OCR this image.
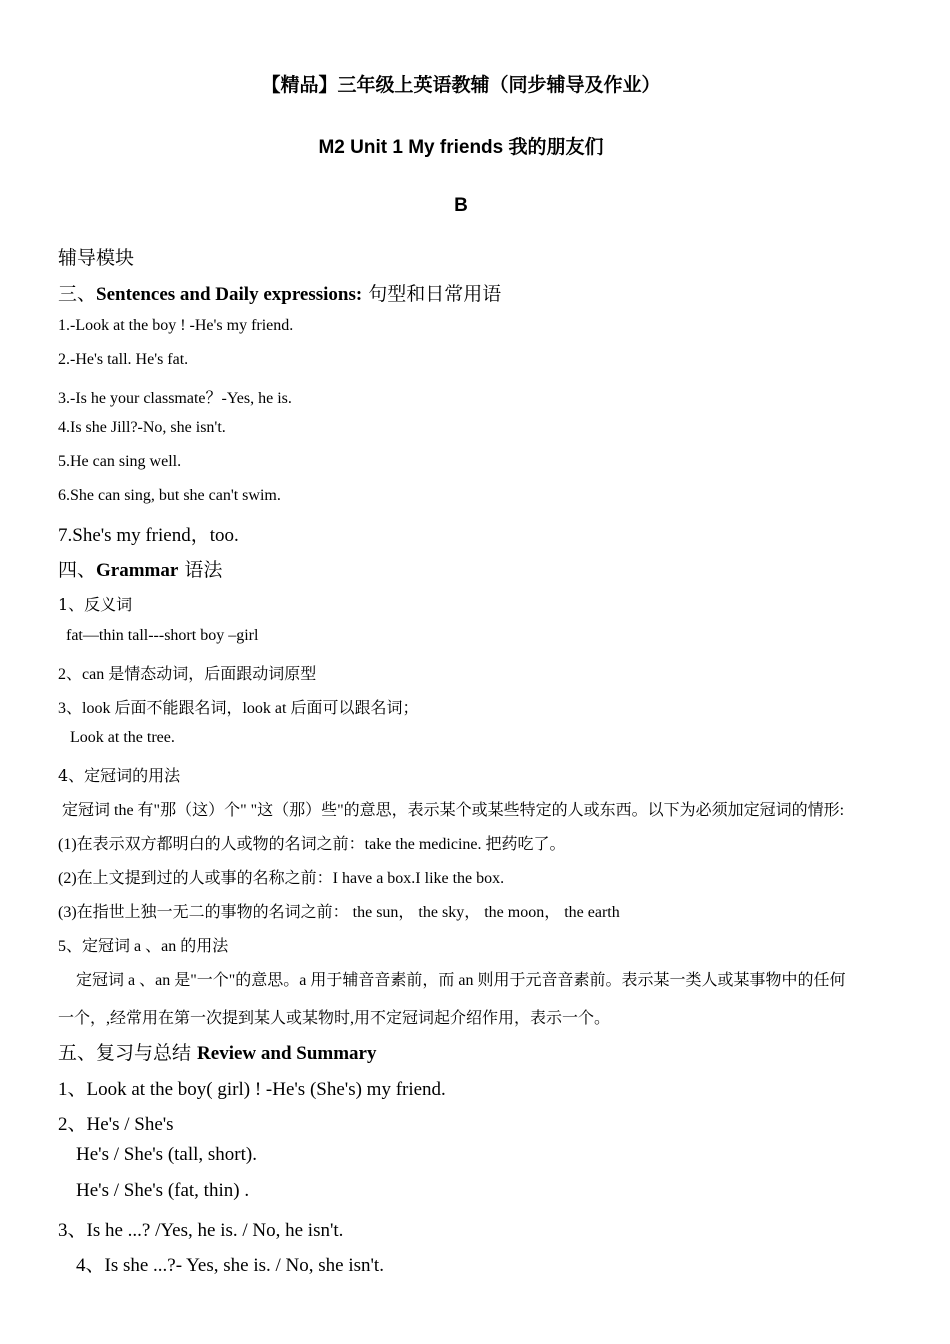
【精品】三年级上英语教辅（同步辅导及作业）
M2 Unit 1 My friends 我的朋友们
B
辅导模块
三、Sentences and Daily expressions: 句型和日常用语
1.-Look at the boy ! -He's my friend.
2.-He's tall. He's fat.
3.-Is he your classmate？-Yes, he is.
4.Is she Jill?-No, she isn't.
5.He can sing well.
6.She can sing, but she can't swim.
7.She's my friend，too.
四、Grammar 语法
1、反义词
fat—thin tall---short boy –girl
2、can 是情态动词，后面跟动词原型
3、look 后面不能跟名词，look at 后面可以跟名词；
Look at the tree.
4、定冠词的用法
定冠词 the 有"那（这）个" "这（那）些"的意思，表示某个或某些特定的人或东西。以下为必须加定冠词的情形:
(1)在表示双方都明白的人或物的名词之前：take the medicine. 把药吃了。
(2)在上文提到过的人或事的名称之前：I have a box.I like the box.
(3)在指世上独一无二的事物的名词之前： the sun， the sky， the moon， the earth
5、定冠词 a 、an 的用法
定冠词 a 、an 是"一个"的意思。a 用于辅音音素前，而 an 则用于元音音素前。表示某一类人或某事物中的任何
一个，,经常用在第一次提到某人或某物时,用不定冠词起介绍作用，表示一个。
五、复习与总结 Review and Summary
1、Look at the boy( girl) ! -He's (She's) my friend.
2、He's / She's
He's / She's (tall, short).
He's / She's (fat, thin) .
3、Is he ...? /Yes, he is. / No, he isn't.
4、Is she ...?- Yes, she is. / No, she isn't.
